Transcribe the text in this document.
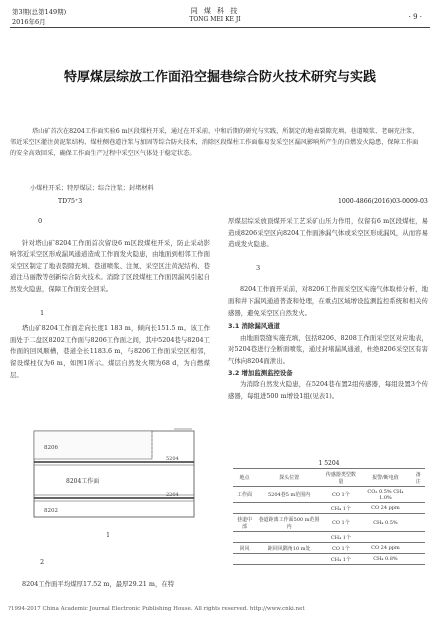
第3期(总第149期)
2016年6月
同 煤 科 技
TONG MEI KE JI	· 9 ·
特厚煤层综放工作面沿空掘巷综合防火技术研究与实践
塔山矿首次在8204工作面实验6 m区段煤柱开采，通过在开采前、中和后期的研究与实践，所制定的地表裂隙充填、巷道喷浆、老硐充注浆、邻近采空区灌注黄泥浆结构、煤柱侧巷道注浆与加固等综合防火技术，消除区段煤柱工作面临易发采空区漏风影响所产生的自燃发火隐患，保障工作面的安全高效回采，确保工作面生产过程中采空区气体处于稳定状态。
小煤柱开采；特厚煤层；综合注浆；封堵材料
TD75⁺3	1000-4866(2016)03-0009-03
0
针对塔山矿8204工作面首次留设6 m区段煤柱开采，防止采动影响邻近采空区形成漏风通道造成工作面发火隐患，由地面到相邻工作面采空区制定了地表裂隙充填、巷道喷浆、注氮、采空区注黄泥结构、巷道注马丽散等创新综合防火技术。消除了区段煤柱工作面因漏风引起自然发火隐患，保障工作面安全回采。
1
塔山矿8204工作面走向长度1 183 m，倾向长151.5 m。该工作面处于二盘区8202工作面与8206工作面之间，其中5204巷与8204工作面的回风顺槽，巷道全长1183.6 m，与8206工作面采空区相邻，留设煤柱仅为6 m，如图1所示。煤层自然发火期为68 d，为自燃煤层。
8206
8204工作面
8202
5204
2204
1
2
8204工作面平均煤厚17.52 m，最厚29.21 m，在特
厚煤层综采放顶煤开采工艺采矿山压力作用，仅留有6 m区段煤柱，易造成8206采空区向8204工作面渗漏气体或采空区形成漏风，从而容易造成发火隐患。
3
8204工作面开采前，对8206工作面采空区实施气体取样分析，地面和井下漏风通道普查和处理，在重点区域增设监测监控系统和相关传感器，避免采空区自然发火。
3.1 消除漏风通道
由地面裂缝实施充填，包括8206、8208工作面采空区对应地表，对5204巷进行全断面喷浆，通过封堵漏风通道，杜绝8206采空区有害气体向8204面泄出。
3.2 增加监测监控设备
为消除自然发火隐患，在5204巷布置2组传感器，每组设置3个传感器，每组进500 m增设1组(见表1)。
1 5204
地点	探头位置	传感器类型数量	报警/断电值	备注
工作面	5204巷5 m范围内	CO 1个	CO₂ 0.5% CH₄ 1.0%	
		CH₄ 1个	CO 24 ppm	
巷道中部	巷道距离工作面500 m范围内	CO 1个	CH₄ 0.5%	
		CH₄ 1个		
回风	距回风隅角10 m处	CO 1个	CO 24 ppm	
		CH₄ 1个	CH₄ 0.8%	
?1994-2017 China Academic Journal Electronic Publishing House. All rights reserved. http://www.cnki.net
